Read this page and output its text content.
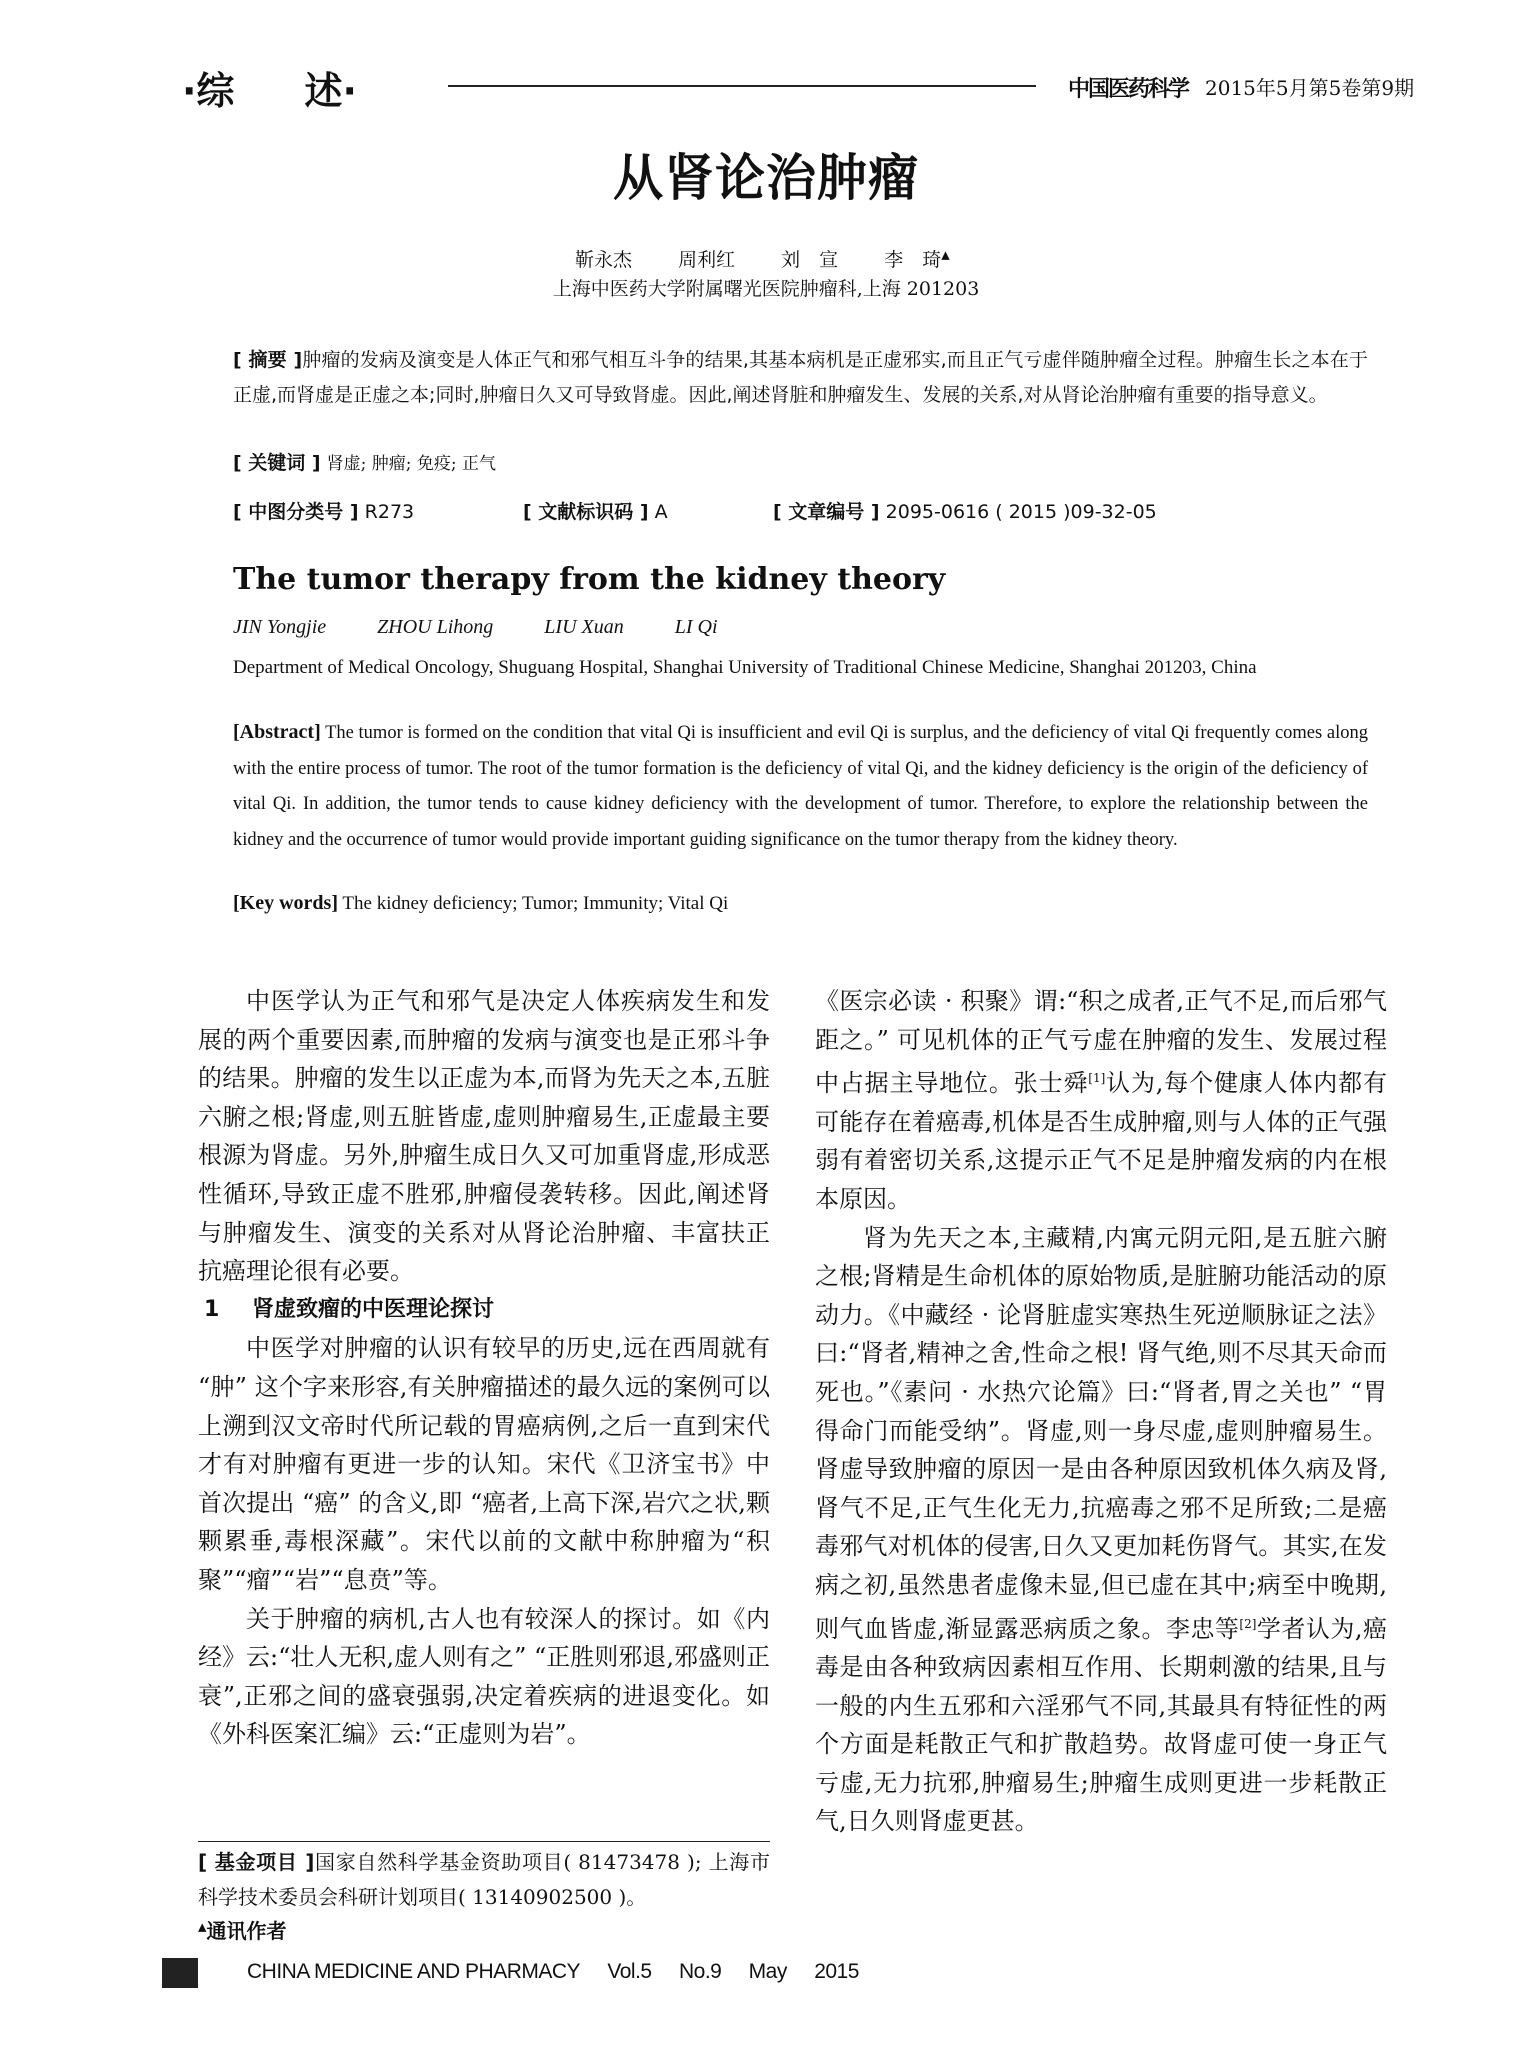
·综 述·	中国医药科学 2015年5月第5卷第9期
从肾论治肿瘤
靳永杰 周利红 刘　宣 李　琦▲
上海中医药大学附属曙光医院肿瘤科,上海 201203
[ 摘要 ]肿瘤的发病及演变是人体正气和邪气相互斗争的结果,其基本病机是正虚邪实,而且正气亏虚伴随肿瘤全过程。肿瘤生长之本在于正虚,而肾虚是正虚之本;同时,肿瘤日久又可导致肾虚。因此,阐述肾脏和肿瘤发生、发展的关系,对从肾论治肿瘤有重要的指导意义。
[ 关键词 ] 肾虚; 肿瘤; 免疫; 正气
[ 中图分类号 ] R273	[ 文献标识码 ] A	[ 文章编号 ] 2095-0616 ( 2015 )09-32-05
The tumor therapy from the kidney theory
JIN Yongjie	ZHOU Lihong	LIU Xuan	LI Qi
Department of Medical Oncology, Shuguang Hospital, Shanghai University of Traditional Chinese Medicine, Shanghai 201203, China
[Abstract] The tumor is formed on the condition that vital Qi is insufficient and evil Qi is surplus, and the deficiency of vital Qi frequently comes along with the entire process of tumor. The root of the tumor formation is the deficiency of vital Qi, and the kidney deficiency is the origin of the deficiency of vital Qi. In addition, the tumor tends to cause kidney deficiency with the development of tumor. Therefore, to explore the relationship between the kidney and the occurrence of tumor would provide important guiding significance on the tumor therapy from the kidney theory.
[Key words] The kidney deficiency; Tumor; Immunity; Vital Qi

中医学认为正气和邪气是决定人体疾病发生和发展的两个重要因素,而肿瘤的发病与演变也是正邪斗争的结果。肿瘤的发生以正虚为本,而肾为先天之本,五脏六腑之根;肾虚,则五脏皆虚,虚则肿瘤易生,正虚最主要根源为肾虚。另外,肿瘤生成日久又可加重肾虚,形成恶性循环,导致正虚不胜邪,肿瘤侵袭转移。因此,阐述肾与肿瘤发生、演变的关系对从肾论治肿瘤、丰富扶正抗癌理论很有必要。

1 肾虚致瘤的中医理论探讨

中医学对肿瘤的认识有较早的历史,远在西周就有 “肿” 这个字来形容,有关肿瘤描述的最久远的案例可以上溯到汉文帝时代所记载的胃癌病例,之后一直到宋代才有对肿瘤有更进一步的认知。宋代《卫济宝书》中首次提出 “癌” 的含义,即 “癌者,上高下深,岩穴之状,颗颗累垂,毒根深藏”。宋代以前的文献中称肿瘤为“积聚”“瘤”“岩”“息贲”等。

关于肿瘤的病机,古人也有较深人的探讨。如《内经》云:“壮人无积,虚人则有之” “正胜则邪退,邪盛则正衰”,正邪之间的盛衰强弱,决定着疾病的进退变化。如《外科医案汇编》云:“正虚则为岩”。

[ 基金项目 ]国家自然科学基金资助项目( 81473478 ); 上海市科学技术委员会科研计划项目( 13140902500 )。
▲通讯作者

《医宗必读 · 积聚》谓:“积之成者,正气不足,而后邪气距之。” 可见机体的正气亏虚在肿瘤的发生、发展过程中占据主导地位。张士舜[1]认为,每个健康人体内都有可能存在着癌毒,机体是否生成肿瘤,则与人体的正气强弱有着密切关系,这提示正气不足是肿瘤发病的内在根本原因。

肾为先天之本,主藏精,内寓元阴元阳,是五脏六腑之根;肾精是生命机体的原始物质,是脏腑功能活动的原动力。《中藏经 · 论肾脏虚实寒热生死逆顺脉证之法》曰:“肾者,精神之舍,性命之根! 肾气绝,则不尽其天命而死也。”《素问 · 水热穴论篇》曰:“肾者,胃之关也” “胃得命门而能受纳”。肾虚,则一身尽虚,虚则肿瘤易生。肾虚导致肿瘤的原因一是由各种原因致机体久病及肾,肾气不足,正气生化无力,抗癌毒之邪不足所致;二是癌毒邪气对机体的侵害,日久又更加耗伤肾气。其实,在发病之初,虽然患者虚像未显,但已虚在其中;病至中晚期,则气血皆虚,渐显露恶病质之象。李忠等[2]学者认为,癌毒是由各种致病因素相互作用、长期刺激的结果,且与一般的内生五邪和六淫邪气不同,其最具有特征性的两个方面是耗散正气和扩散趋势。故肾虚可使一身正气亏虚,无力抗邪,肿瘤易生;肿瘤生成则更进一步耗散正气,日久则肾虚更甚。

CHINA MEDICINE AND PHARMACY Vol.5 No.9 May 2015
